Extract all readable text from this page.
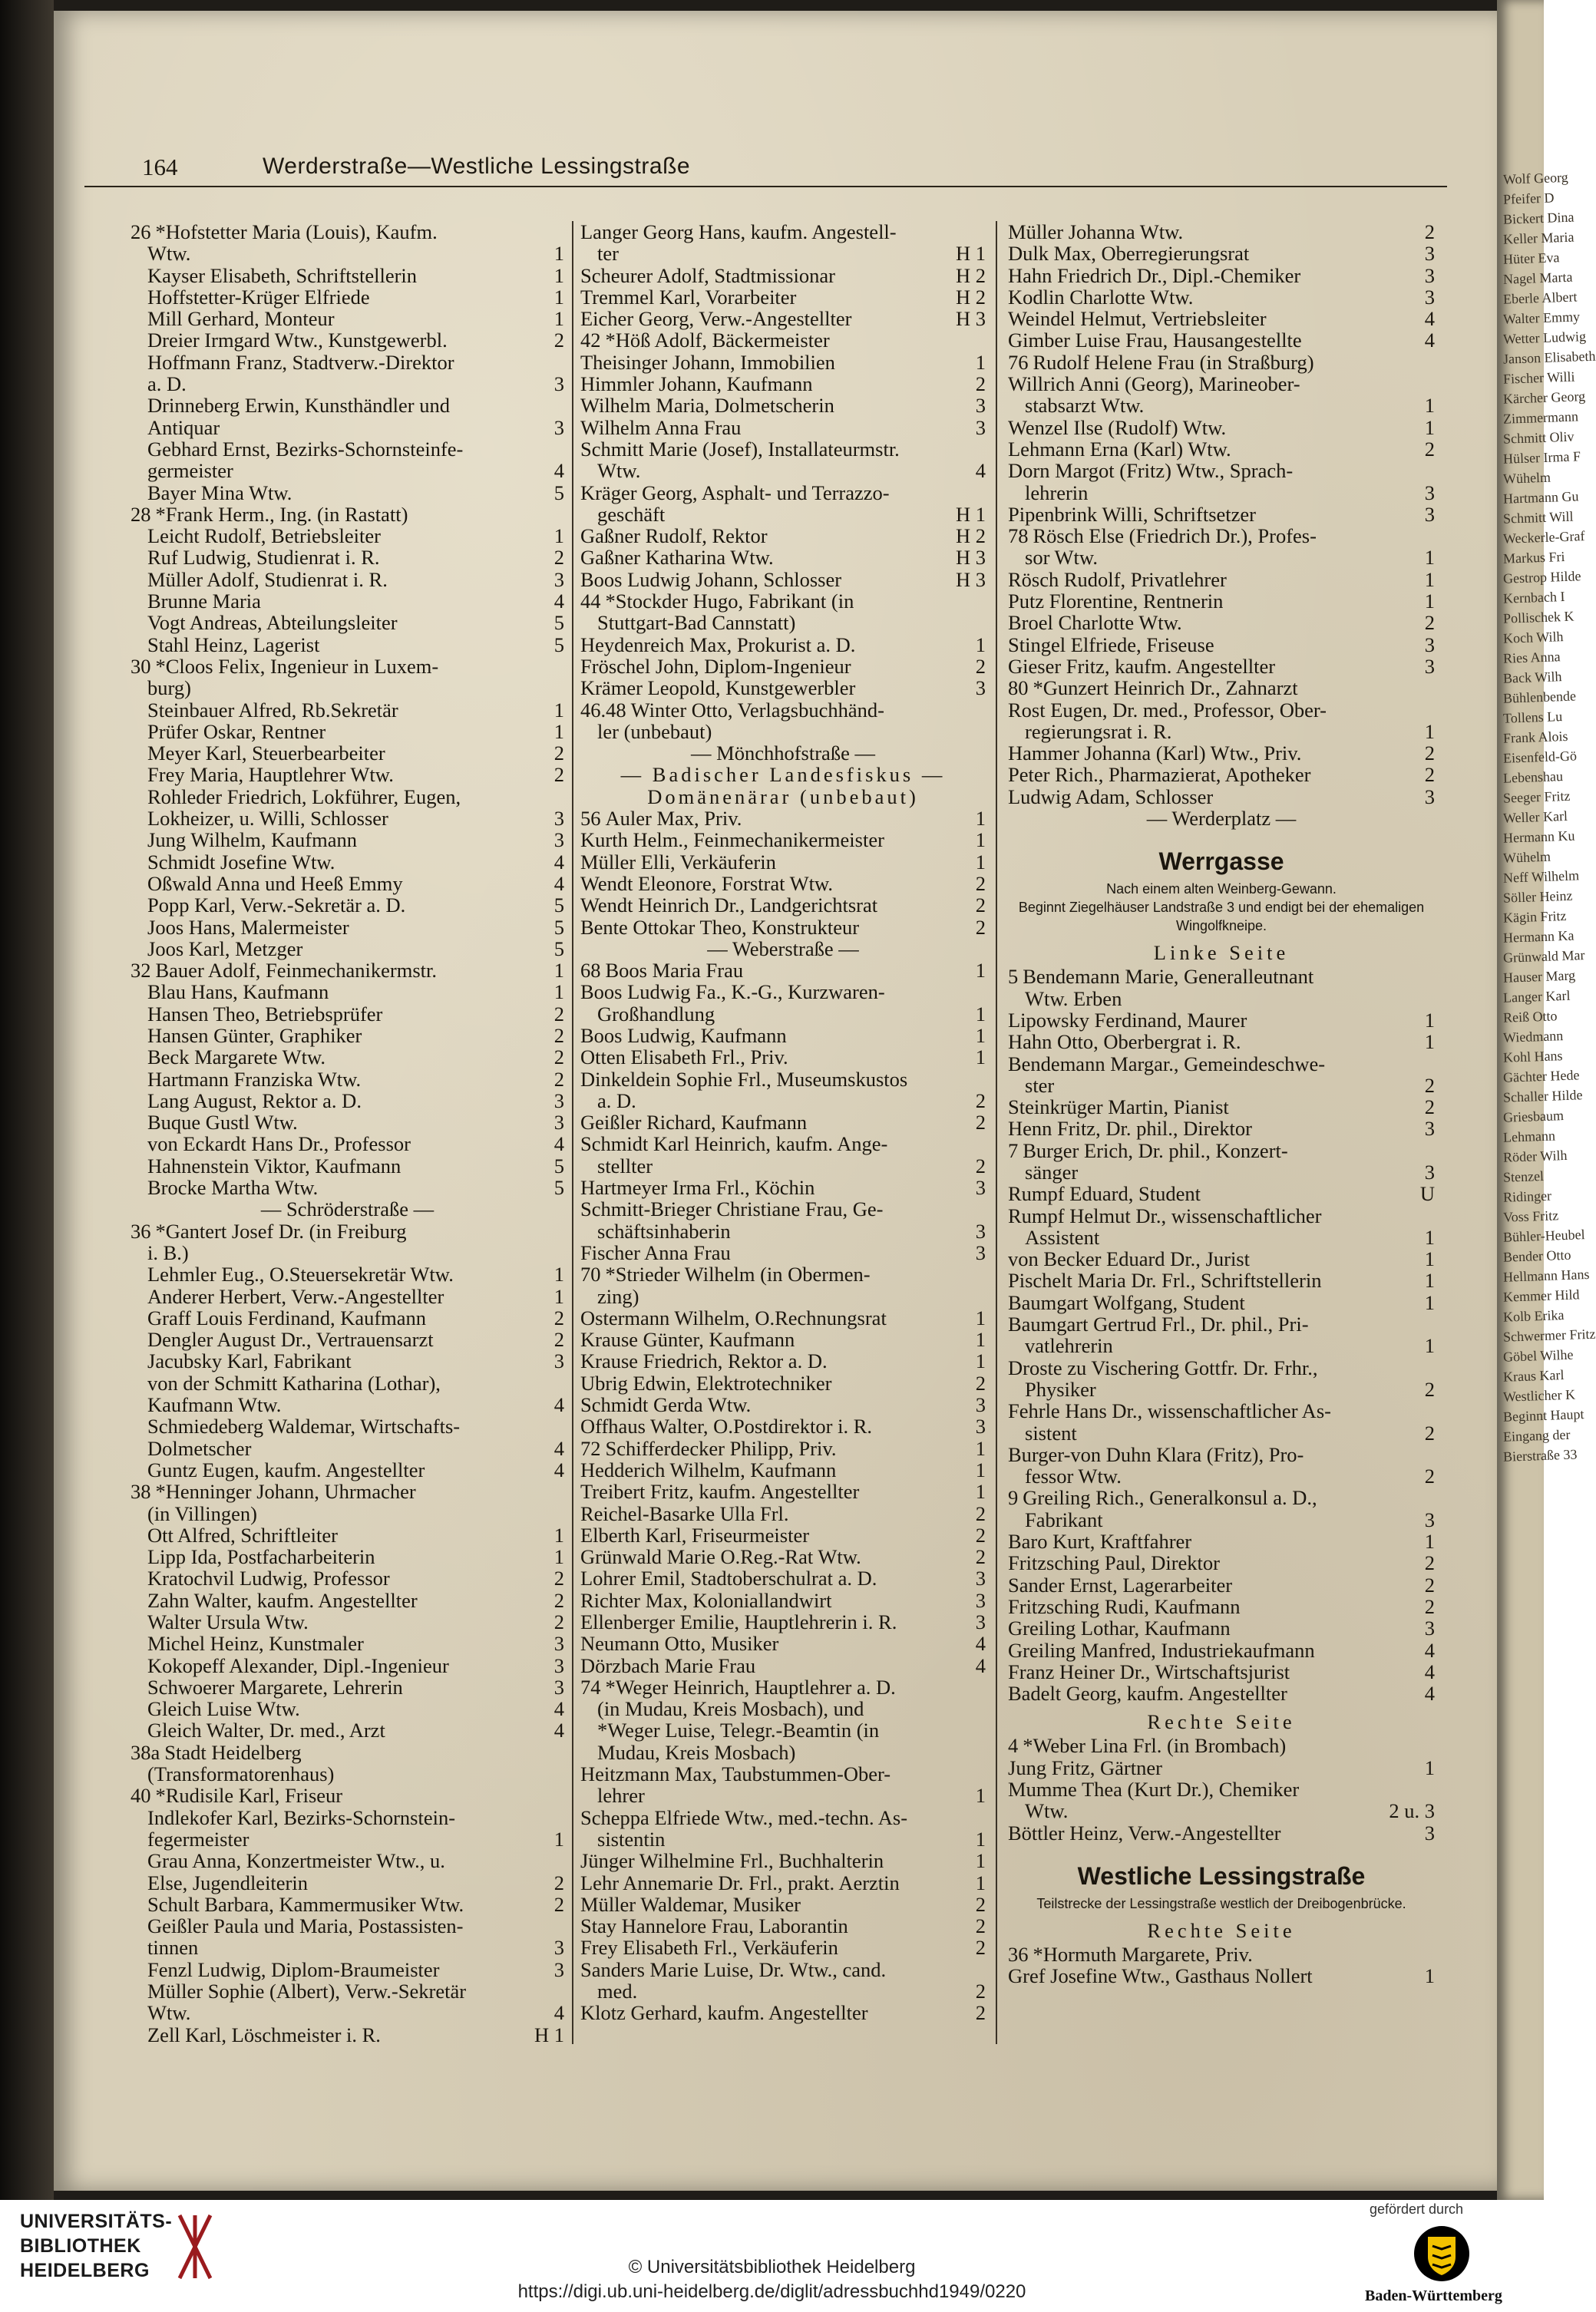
Wolf Georg
Pfeifer D
Bickert Dina
Keller Maria
Hüter Eva
Nagel Marta
Eberle Albert
Walter Emmy
Wetter Ludwig
Janson Elisabeth
Fischer Willi
Kärcher Georg
Zimmermann
Schmitt Oliv
Hülser Irma F
Wühelm
Hartmann Gu
Schmitt Will
Weckerle-Graf
Markus Fri
Gestrop Hilde
Kernbach I
Pollischek K
Koch Wilh
Ries Anna
Back Wilh
Bühlenbende
Tollens Lu
Frank Alois
Eisenfeld-Gö
Lebenshau
Seeger Fritz
Weller Karl
Hermann Ku
Wühelm
Neff Wilhelm
Söller Heinz
Kägin Fritz
Hermann Ka
Grünwald Mar
Hauser Marg
Langer Karl
Reiß Otto
Wiedmann
Kohl Hans
Gächter Hede
Schaller Hilde
Griesbaum
Lehmann
Röder Wilh
Stenzel
Ridinger
Voss Fritz
Bühler-Heubel
Bender Otto
Hellmann Hans
Kemmer Hild
Kolb Erika
Schwermer Fritz
Göbel Wilhe
Kraus Karl
Westlicher K
Beginnt Haupt
Eingang der
Bierstraße 33
164	Werderstraße—Westliche Lessingstraße
26 *Hofstetter Maria (Louis), Kaufm.
Wtw.	1
Kayser Elisabeth, Schriftstellerin	1
Hoffstetter-Krüger Elfriede	1
Mill Gerhard, Monteur	1
Dreier Irmgard Wtw., Kunstgewerbl.	2
Hoffmann Franz, Stadtverw.-Direktor
a. D.	3
Drinneberg Erwin, Kunsthändler und
Antiquar	3
Gebhard Ernst, Bezirks-Schornsteinfe-
germeister	4
Bayer Mina Wtw.	5
28 *Frank Herm., Ing. (in Rastatt)
Leicht Rudolf, Betriebsleiter	1
Ruf Ludwig, Studienrat i. R.	2
Müller Adolf, Studienrat i. R.	3
Brunne Maria	4
Vogt Andreas, Abteilungsleiter	5
Stahl Heinz, Lagerist	5
30 *Cloos Felix, Ingenieur in Luxem-
burg)
Steinbauer Alfred, Rb.Sekretär	1
Prüfer Oskar, Rentner	1
Meyer Karl, Steuerbearbeiter	2
Frey Maria, Hauptlehrer Wtw.	2
Rohleder Friedrich, Lokführer, Eugen,
Lokheizer, u. Willi, Schlosser	3
Jung Wilhelm, Kaufmann	3
Schmidt Josefine Wtw.	4
Oßwald Anna und Heeß Emmy	4
Popp Karl, Verw.-Sekretär a. D.	5
Joos Hans, Malermeister	5
Joos Karl, Metzger	5
32 Bauer Adolf, Feinmechanikermstr.	1
Blau Hans, Kaufmann	1
Hansen Theo, Betriebsprüfer	2
Hansen Günter, Graphiker	2
Beck Margarete Wtw.	2
Hartmann Franziska Wtw.	2
Lang August, Rektor a. D.	3
Buque Gustl Wtw.	3
von Eckardt Hans Dr., Professor	4
Hahnenstein Viktor, Kaufmann	5
Brocke Martha Wtw.	5
— Schröderstraße —
36 *Gantert Josef Dr. (in Freiburg
i. B.)
Lehmler Eug., O.Steuersekretär Wtw.	1
Anderer Herbert, Verw.-Angestellter	1
Graff Louis Ferdinand, Kaufmann	2
Dengler August Dr., Vertrauensarzt	2
Jacubsky Karl, Fabrikant	3
von der Schmitt Katharina (Lothar),
Kaufmann Wtw.	4
Schmiedeberg Waldemar, Wirtschafts-
Dolmetscher	4
Guntz Eugen, kaufm. Angestellter	4
38 *Henninger Johann, Uhrmacher
(in Villingen)
Ott Alfred, Schriftleiter	1
Lipp Ida, Postfacharbeiterin	1
Kratochvil Ludwig, Professor	2
Zahn Walter, kaufm. Angestellter	2
Walter Ursula Wtw.	2
Michel Heinz, Kunstmaler	3
Kokopeff Alexander, Dipl.-Ingenieur	3
Schwoerer Margarete, Lehrerin	3
Gleich Luise Wtw.	4
Gleich Walter, Dr. med., Arzt	4
38a Stadt Heidelberg
(Transformatorenhaus)
40 *Rudisile Karl, Friseur
Indlekofer Karl, Bezirks-Schornstein-
fegermeister	1
Grau Anna, Konzertmeister Wtw., u.
Else, Jugendleiterin	2
Schult Barbara, Kammermusiker Wtw.	2
Geißler Paula und Maria, Postassisten-
tinnen	3
Fenzl Ludwig, Diplom-Braumeister	3
Müller Sophie (Albert), Verw.-Sekretär
Wtw.	4
Zell Karl, Löschmeister i. R.	H 1
Langer Georg Hans, kaufm. Angestell-
ter	H 1
Scheurer Adolf, Stadtmissionar	H 2
Tremmel Karl, Vorarbeiter	H 2
Eicher Georg, Verw.-Angestellter	H 3
42 *Höß Adolf, Bäckermeister
Theisinger Johann, Immobilien	1
Himmler Johann, Kaufmann	2
Wilhelm Maria, Dolmetscherin	3
Wilhelm Anna Frau	3
Schmitt Marie (Josef), Installateurmstr.
Wtw.	4
Kräger Georg, Asphalt- und Terrazzo-
geschäft	H 1
Gaßner Rudolf, Rektor	H 2
Gaßner Katharina Wtw.	H 3
Boos Ludwig Johann, Schlosser	H 3
44 *Stockder Hugo, Fabrikant (in
Stuttgart-Bad Cannstatt)
Heydenreich Max, Prokurist a. D.	1
Fröschel John, Diplom-Ingenieur	2
Krämer Leopold, Kunstgewerbler	3
46.48 Winter Otto, Verlagsbuchhänd-
ler (unbebaut)
— Mönchhofstraße —
— Badischer Landesfiskus —
Domänenärar (unbebaut)
56 Auler Max, Priv.	1
Kurth Helm., Feinmechanikermeister	1
Müller Elli, Verkäuferin	1
Wendt Eleonore, Forstrat Wtw.	2
Wendt Heinrich Dr., Landgerichtsrat	2
Bente Ottokar Theo, Konstrukteur	2
— Weberstraße —
68 Boos Maria Frau	1
Boos Ludwig Fa., K.-G., Kurzwaren-
Großhandlung	1
Boos Ludwig, Kaufmann	1
Otten Elisabeth Frl., Priv.	1
Dinkeldein Sophie Frl., Museumskustos
a. D.	2
Geißler Richard, Kaufmann	2
Schmidt Karl Heinrich, kaufm. Ange-
stellter	2
Hartmeyer Irma Frl., Köchin	3
Schmitt-Brieger Christiane Frau, Ge-
schäftsinhaberin	3
Fischer Anna Frau	3
70 *Strieder Wilhelm (in Obermen-
zing)
Ostermann Wilhelm, O.Rechnungsrat	1
Krause Günter, Kaufmann	1
Krause Friedrich, Rektor a. D.	1
Ubrig Edwin, Elektrotechniker	2
Schmidt Gerda Wtw.	3
Offhaus Walter, O.Postdirektor i. R.	3
72 Schifferdecker Philipp, Priv.	1
Hedderich Wilhelm, Kaufmann	1
Treibert Fritz, kaufm. Angestellter	1
Reichel-Basarke Ulla Frl.	2
Elberth Karl, Friseurmeister	2
Grünwald Marie O.Reg.-Rat Wtw.	2
Lohrer Emil, Stadtoberschulrat a. D.	3
Richter Max, Koloniallandwirt	3
Ellenberger Emilie, Hauptlehrerin i. R.	3
Neumann Otto, Musiker	4
Dörzbach Marie Frau	4
74 *Weger Heinrich, Hauptlehrer a. D.
(in Mudau, Kreis Mosbach), und
*Weger Luise, Telegr.-Beamtin (in
Mudau, Kreis Mosbach)
Heitzmann Max, Taubstummen-Ober-
lehrer	1
Scheppa Elfriede Wtw., med.-techn. As-
sistentin	1
Jünger Wilhelmine Frl., Buchhalterin	1
Lehr Annemarie Dr. Frl., prakt. Aerztin	1
Müller Waldemar, Musiker	2
Stay Hannelore Frau, Laborantin	2
Frey Elisabeth Frl., Verkäuferin	2
Sanders Marie Luise, Dr. Wtw., cand.
med.	2
Klotz Gerhard, kaufm. Angestellter	2
Müller Johanna Wtw.	2
Dulk Max, Oberregierungsrat	3
Hahn Friedrich Dr., Dipl.-Chemiker	3
Kodlin Charlotte Wtw.	3
Weindel Helmut, Vertriebsleiter	4
Gimber Luise Frau, Hausangestellte	4
76 Rudolf Helene Frau (in Straßburg)
Willrich Anni (Georg), Marineober-
stabsarzt Wtw.	1
Wenzel Ilse (Rudolf) Wtw.	1
Lehmann Erna (Karl) Wtw.	2
Dorn Margot (Fritz) Wtw., Sprach-
lehrerin	3
Pipenbrink Willi, Schriftsetzer	3
78 Rösch Else (Friedrich Dr.), Profes-
sor Wtw.	1
Rösch Rudolf, Privatlehrer	1
Putz Florentine, Rentnerin	1
Broel Charlotte Wtw.	2
Stingel Elfriede, Friseuse	3
Gieser Fritz, kaufm. Angestellter	3
80 *Gunzert Heinrich Dr., Zahnarzt
Rost Eugen, Dr. med., Professor, Ober-
regierungsrat i. R.	1
Hammer Johanna (Karl) Wtw., Priv.	2
Peter Rich., Pharmazierat, Apotheker	2
Ludwig Adam, Schlosser	3
— Werderplatz —
Werrgasse
Nach einem alten Weinberg-Gewann.
Beginnt Ziegelhäuser Landstraße 3 und endigt bei der ehemaligen Wingolfkneipe.
Linke Seite
5 Bendemann Marie, Generalleutnant
Wtw. Erben
Lipowsky Ferdinand, Maurer	1
Hahn Otto, Oberbergrat i. R.	1
Bendemann Margar., Gemeindeschwe-
ster	2
Steinkrüger Martin, Pianist	2
Henn Fritz, Dr. phil., Direktor	3
7 Burger Erich, Dr. phil., Konzert-
sänger	3
Rumpf Eduard, Student	U
Rumpf Helmut Dr., wissenschaftlicher
Assistent	1
von Becker Eduard Dr., Jurist	1
Pischelt Maria Dr. Frl., Schriftstellerin	1
Baumgart Wolfgang, Student	1
Baumgart Gertrud Frl., Dr. phil., Pri-
vatlehrerin	1
Droste zu Vischering Gottfr. Dr. Frhr.,
Physiker	2
Fehrle Hans Dr., wissenschaftlicher As-
sistent	2
Burger-von Duhn Klara (Fritz), Pro-
fessor Wtw.	2
9 Greiling Rich., Generalkonsul a. D.,
Fabrikant	3
Baro Kurt, Kraftfahrer	1
Fritzsching Paul, Direktor	2
Sander Ernst, Lagerarbeiter	2
Fritzsching Rudi, Kaufmann	2
Greiling Lothar, Kaufmann	3
Greiling Manfred, Industriekaufmann	4
Franz Heiner Dr., Wirtschaftsjurist	4
Badelt Georg, kaufm. Angestellter	4
Rechte Seite
4 *Weber Lina Frl. (in Brombach)
Jung Fritz, Gärtner	1
Mumme Thea (Kurt Dr.), Chemiker
Wtw.	2 u. 3
Böttler Heinz, Verw.-Angestellter	3
Westliche Lessingstraße
Teilstrecke der Lessingstraße westlich der Dreibogenbrücke.
Rechte Seite
36 *Hormuth Margarete, Priv.
Gref Josefine Wtw., Gasthaus Nollert	1
UNIVERSITÄTS-
BIBLIOTHEK
HEIDELBERG	© Universitätsbibliothek Heidelberg
https://digi.ub.uni-heidelberg.de/diglit/adressbuchhd1949/0220
gefördert durch
Baden-Württemberg
